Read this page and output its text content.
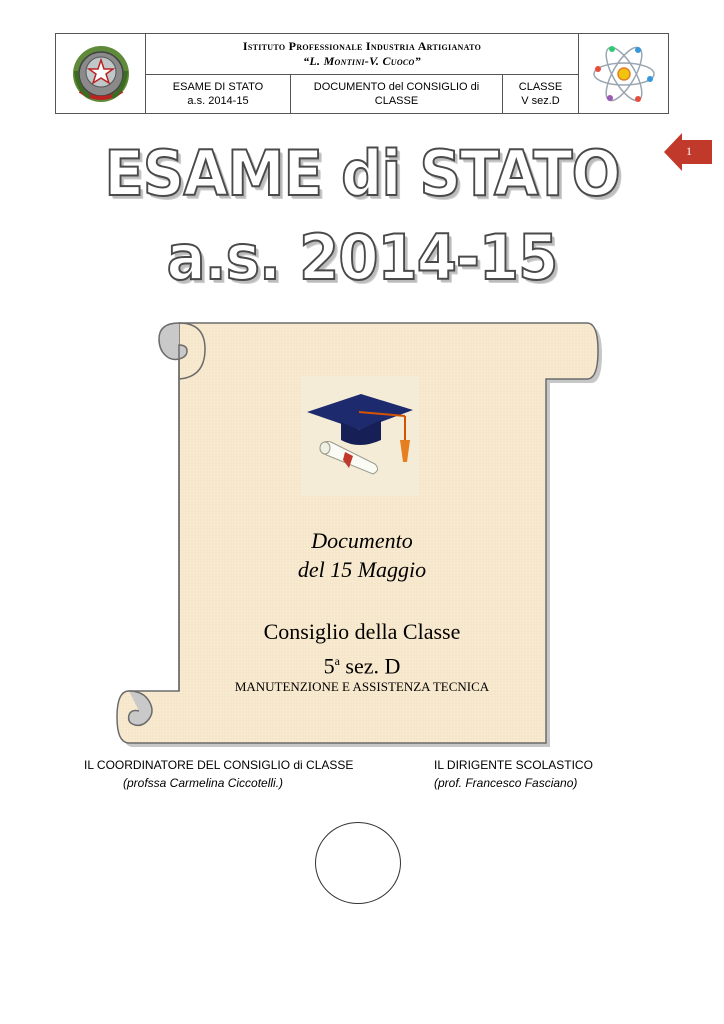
Istituto Professionale Industria Artigianato
“L. Montini-V. Cuoco”
ESAME DI STATO
a.s. 2014-15
DOCUMENTO del CONSIGLIO di
CLASSE
CLASSE
V sez.D
1
ESAME di STATO
a.s. 2014-15
Documento
del 15 Maggio
Consiglio della Classe
5$^a$ sez. D
MANUTENZIONE E ASSISTENZA TECNICA
IL COORDINATORE DEL CONSIGLIO di CLASSE
(profssa Carmelina Ciccotelli.)
IL DIRIGENTE SCOLASTICO
(prof. Francesco Fasciano)
